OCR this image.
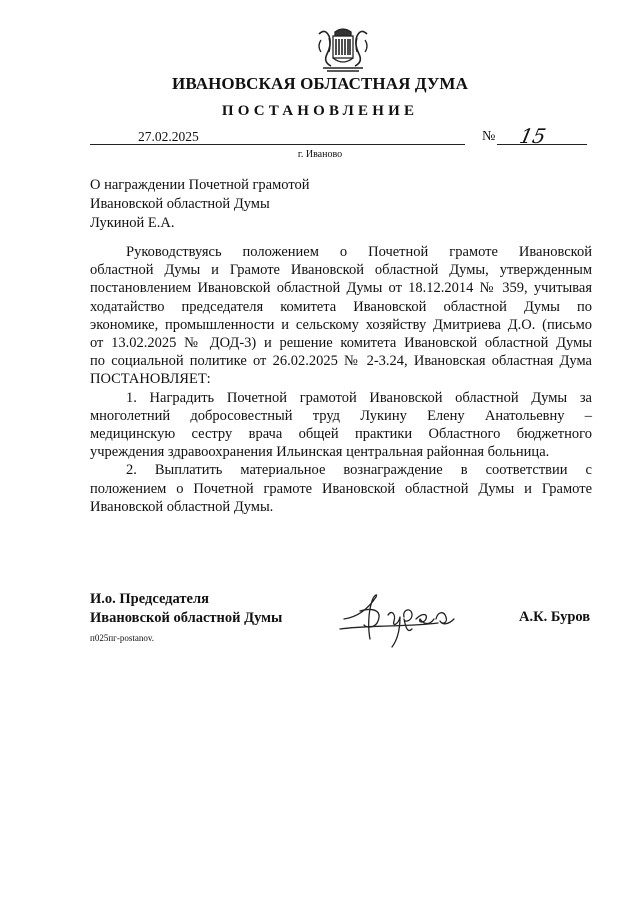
ИВАНОВСКАЯ ОБЛАСТНАЯ ДУМА
ПОСТАНОВЛЕНИЕ
27.02.2025	№ 15
г. Иваново
О награждении Почетной грамотой
Ивановской областной Думы
Лукиной Е.А.
Руководствуясь положением о Почетной грамоте Ивановской
областной Думы и Грамоте Ивановской областной Думы, утвержденным
постановлением Ивановской областной Думы от 18.12.2014 № 359, учитывая
ходатайство председателя комитета Ивановской областной Думы по
экономике, промышленности и сельскому хозяйству Дмитриева Д.О. (письмо
от 13.02.2025 № ДОД-3) и решение комитета Ивановской областной Думы
по социальной политике от 26.02.2025 № 2-3.24, Ивановская областная Дума
ПОСТАНОВЛЯЕТ:
1. Наградить Почетной грамотой Ивановской областной Думы за
многолетний добросовестный труд Лукину Елену Анатольевну –
медицинскую сестру врача общей практики Областного бюджетного
учреждения здравоохранения Ильинская центральная районная больница.
2. Выплатить материальное вознаграждение в соответствии с
положением о Почетной грамоте Ивановской областной Думы и Грамоте
Ивановской областной Думы.
И.о. Председателя
Ивановской областной Думы	А.К. Буров
п025пг-postanov.
